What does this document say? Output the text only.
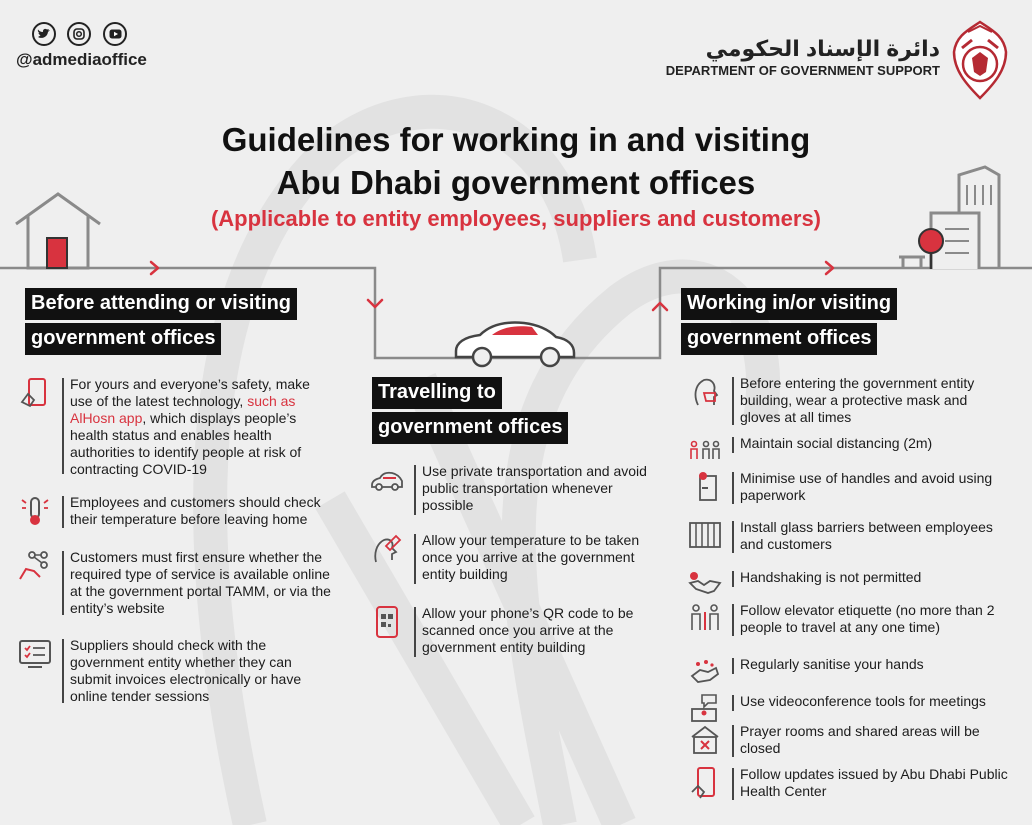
@admediaoffice	دائرة الإسناد الحكومي
DEPARTMENT OF GOVERNMENT SUPPORT
Guidelines for working in and visiting
Abu Dhabi government offices
(Applicable to entity employees, suppliers and customers)
Before attending or visiting
government offices
Travelling to
government offices
Working in/or visiting
government offices
For yours and everyone’s safety, make use of the latest technology, such as AlHosn app, which displays people’s health status and enables health authorities to identify people at risk of contracting COVID-19
Employees and customers should check their temperature before leaving home
Customers must first ensure whether the required type of service is available online at the government portal TAMM, or via the entity’s website
Suppliers should check with the government entity whether they can submit invoices electronically or have online tender sessions
Use private transportation and avoid public transportation whenever possible
Allow your temperature to be taken once you arrive at the government entity building
Allow your phone’s QR code to be scanned once you arrive at the government entity building
Before entering the government entity building, wear a protective mask and gloves at all times
Maintain social distancing (2m)
Minimise use of handles and avoid using paperwork
Install glass barriers between employees and customers
Handshaking is not permitted
Follow elevator etiquette (no more than 2 people to travel at any one time)
Regularly sanitise your hands
Use videoconference tools for meetings
Prayer rooms and shared areas will be closed
Follow updates issued by Abu Dhabi Public Health Center
